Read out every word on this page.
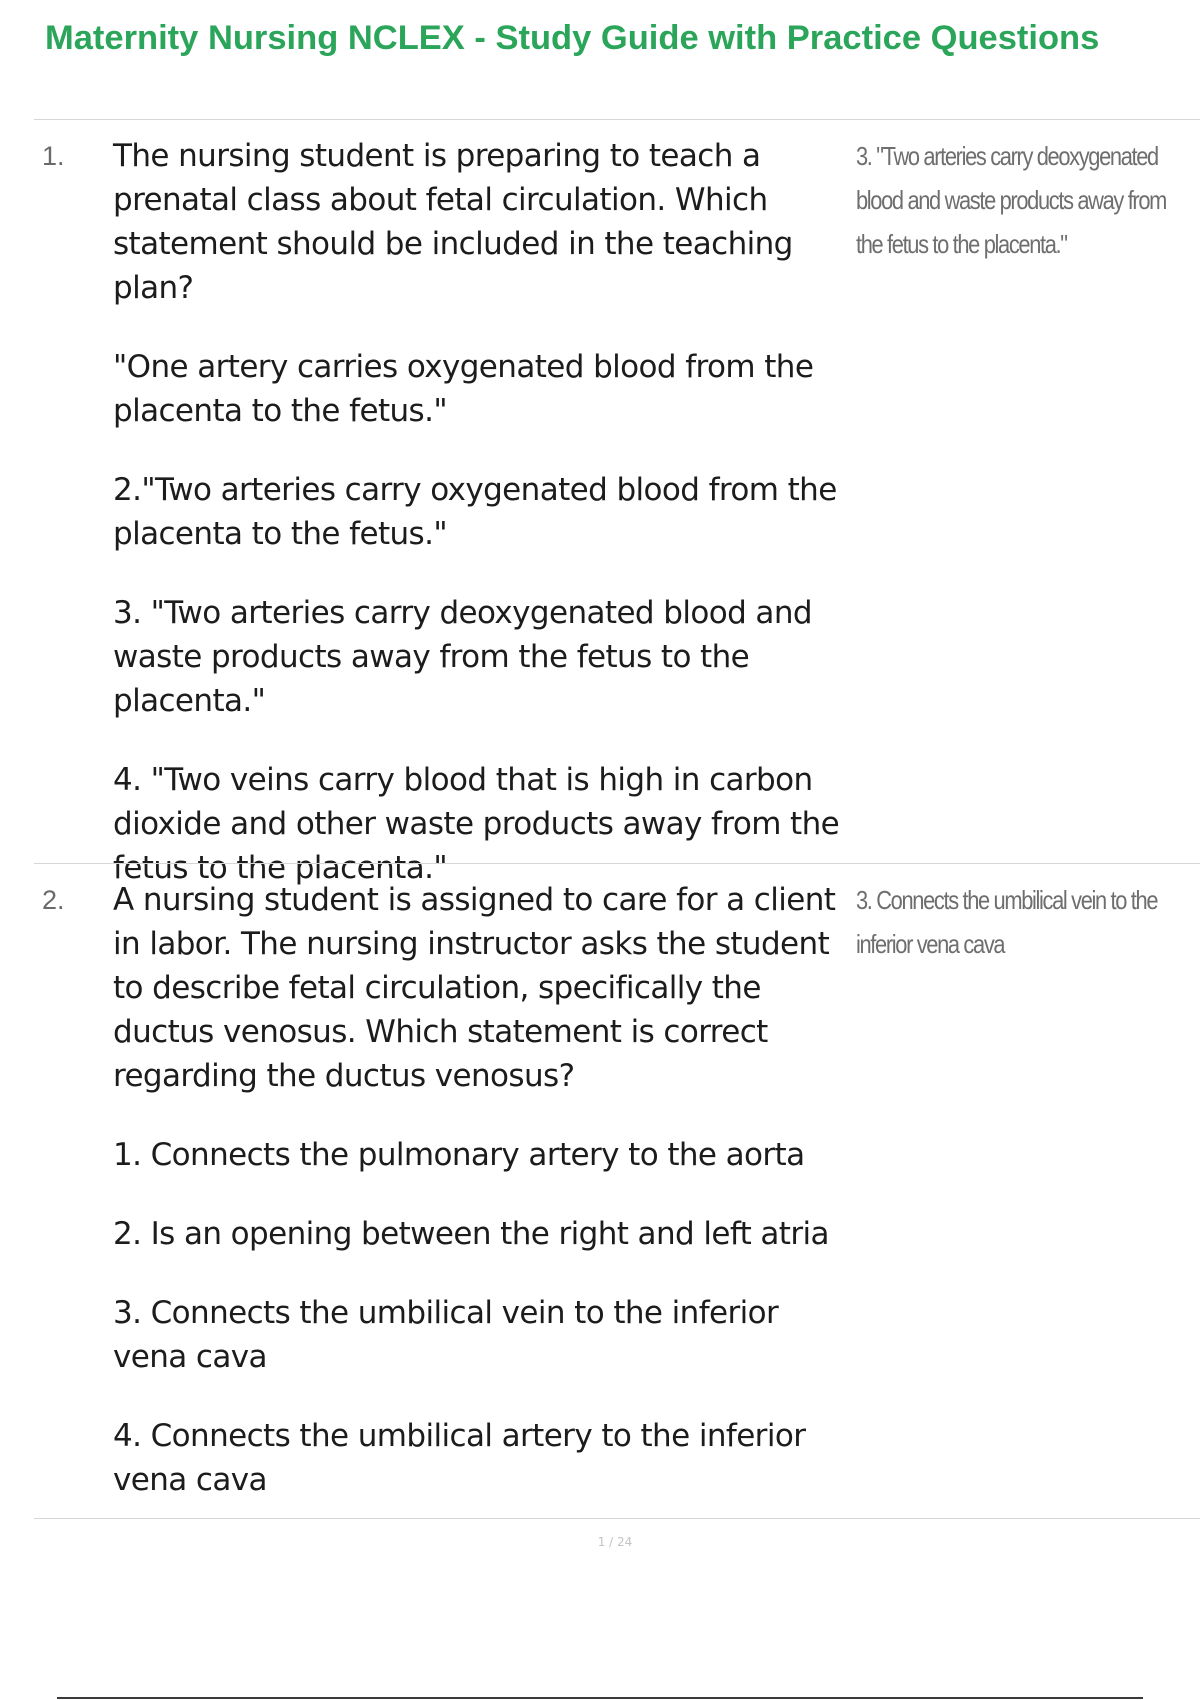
Maternity Nursing NCLEX - Study Guide with Practice Questions
1. The nursing student is preparing to teach a prenatal class about fetal circulation. Which statement should be included in the teaching plan?

"One artery carries oxygenated blood from the placenta to the fetus."

2."Two arteries carry oxygenated blood from the placenta to the fetus."

3. "Two arteries carry deoxygenated blood and waste products away from the fetus to the placenta."

4. "Two veins carry blood that is high in carbon dioxide and other waste products away from the fetus to the placenta."

3. "Two arteries carry deoxygenated blood and waste products away from the fetus to the placenta."
2. A nursing student is assigned to care for a client in labor. The nursing instructor asks the student to describe fetal circulation, specifically the ductus venosus. Which statement is correct regarding the ductus venosus?

1. Connects the pulmonary artery to the aorta

2. Is an opening between the right and left atria

3. Connects the umbilical vein to the inferior vena cava

4. Connects the umbilical artery to the inferior vena cava

3. Connects the umbilical vein to the inferior vena cava
1 / 24
